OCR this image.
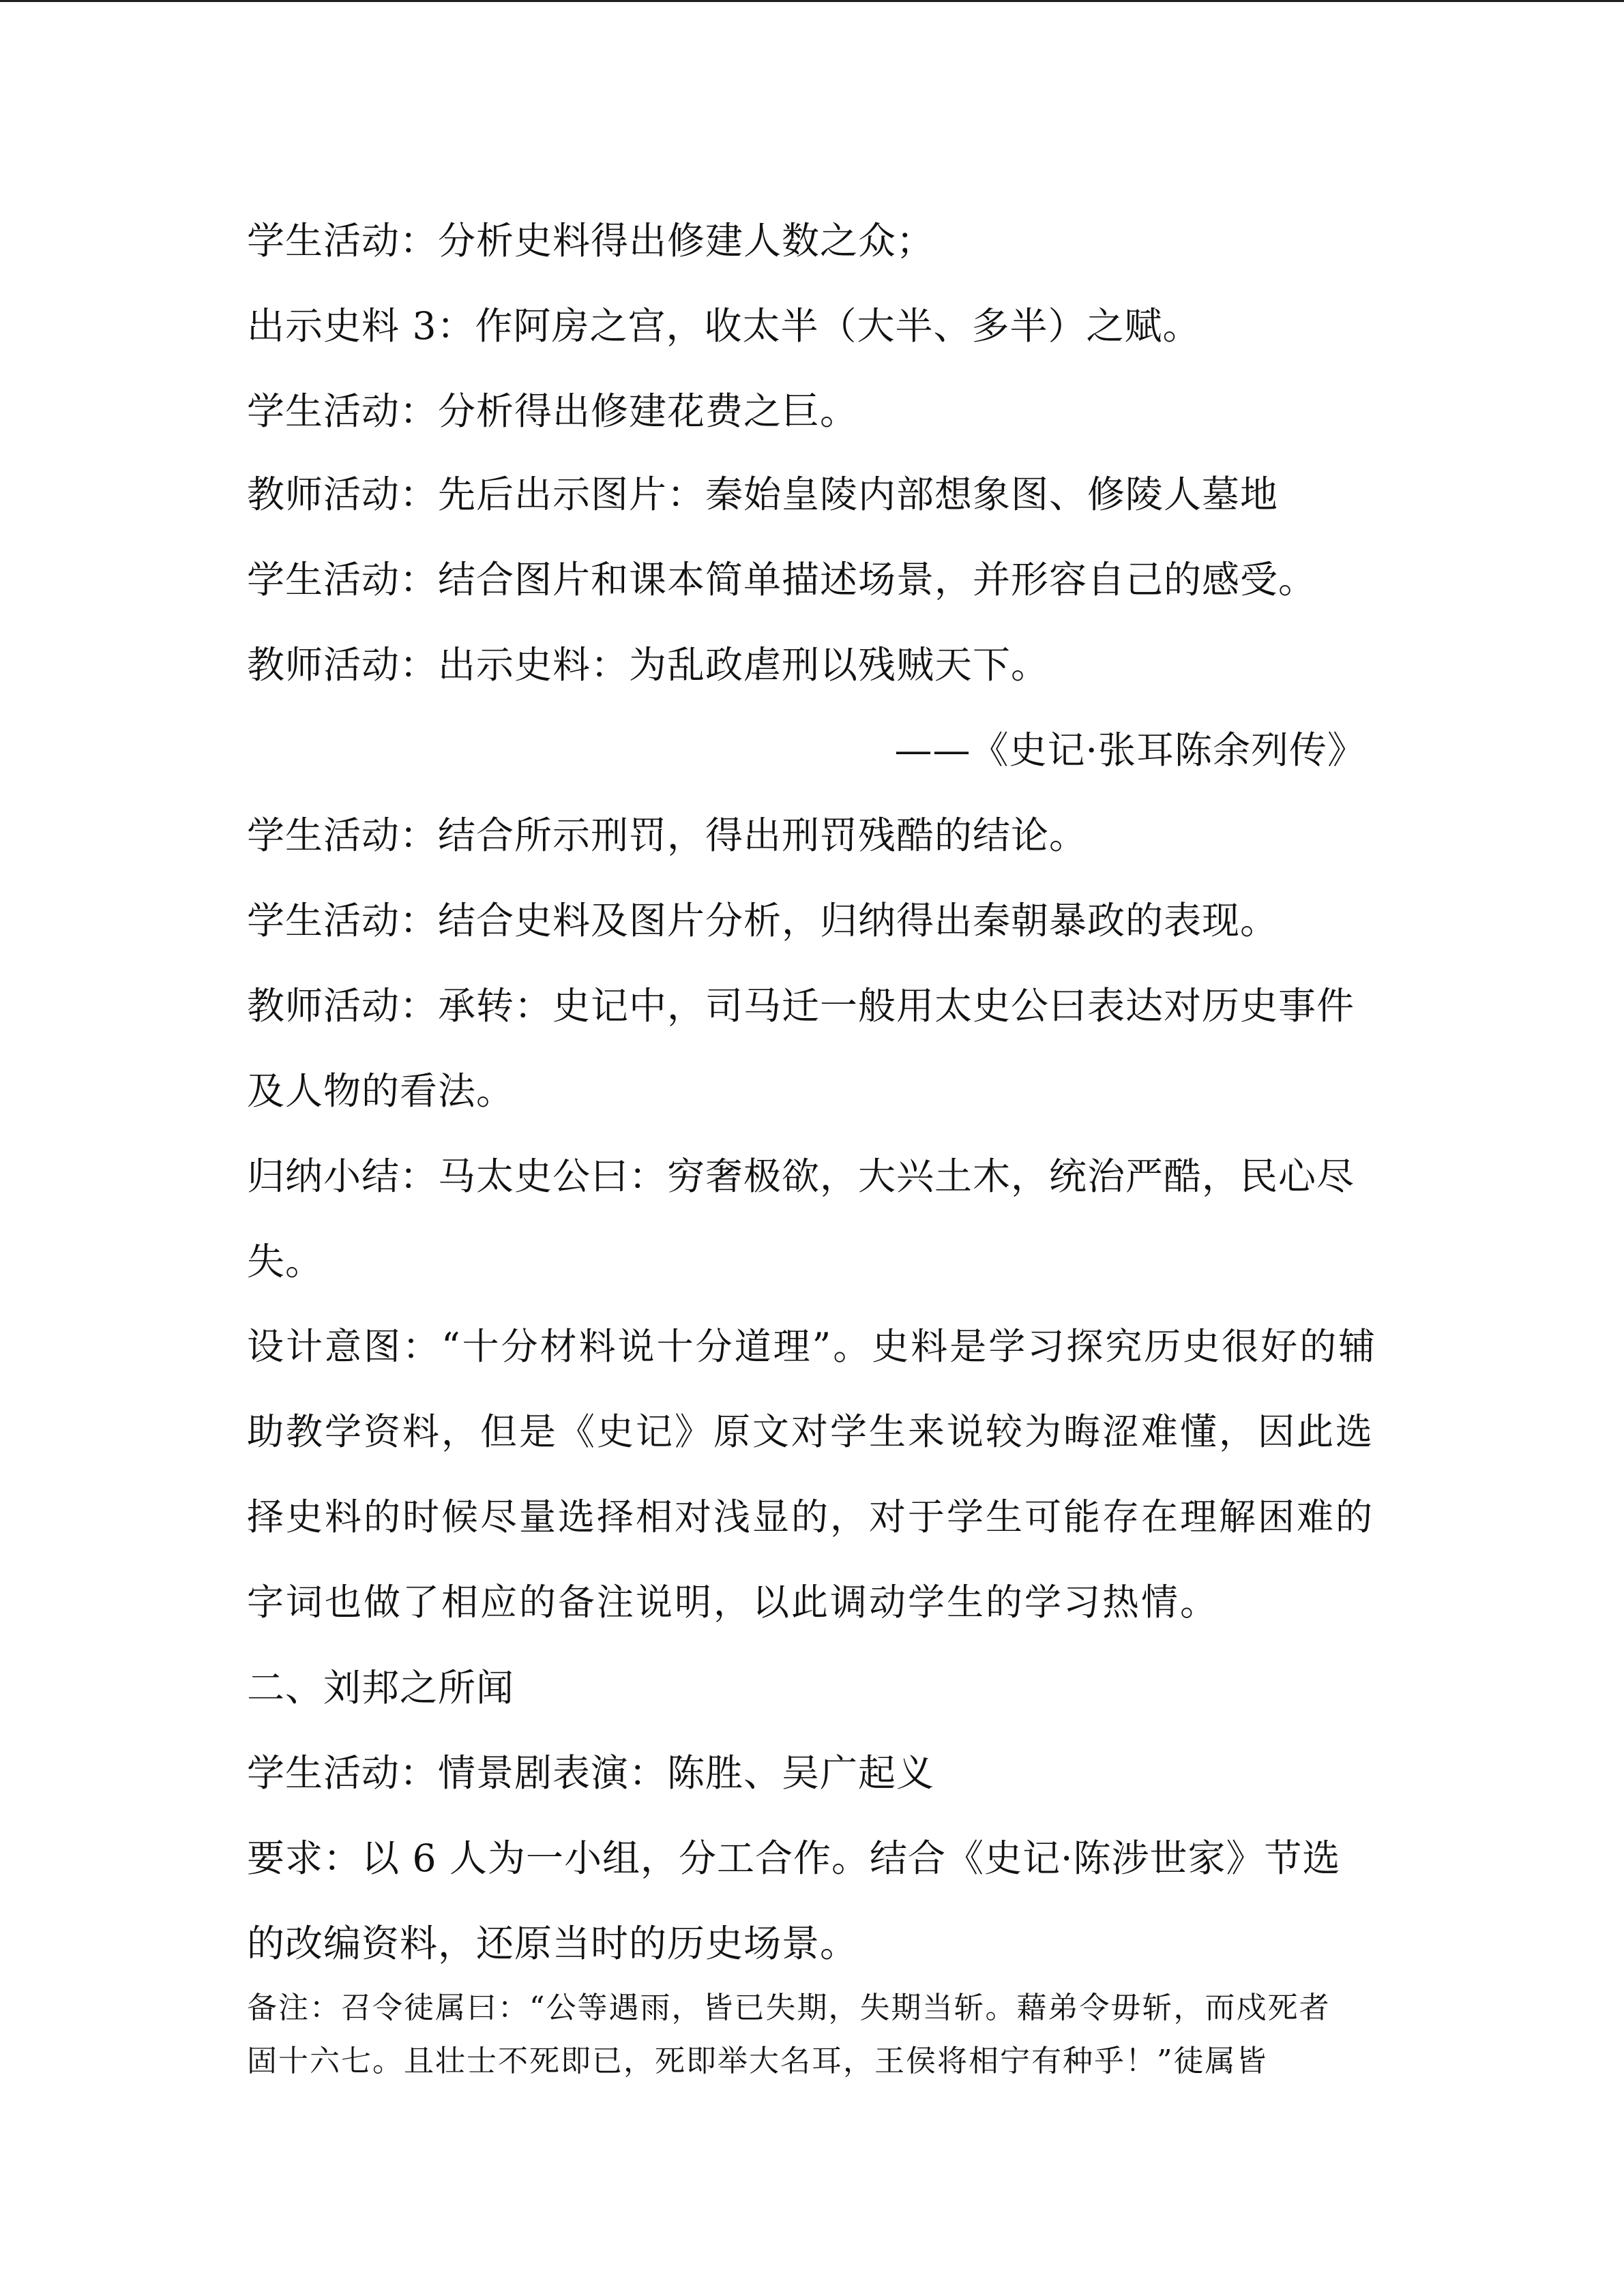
学生活动：分析史料得出修建人数之众；
出示史料 3：作阿房之宫，收太半（大半、多半）之赋。
学生活动：分析得出修建花费之巨。
教师活动：先后出示图片：秦始皇陵内部想象图、修陵人墓地
学生活动：结合图片和课本简单描述场景，并形容自己的感受。
教师活动：出示史料：为乱政虐刑以残贼天下。
——《史记·张耳陈余列传》
学生活动：结合所示刑罚，得出刑罚残酷的结论。
学生活动：结合史料及图片分析，归纳得出秦朝暴政的表现。
教师活动：承转：史记中，司马迁一般用太史公曰表达对历史事件
及人物的看法。
归纳小结：马太史公曰：穷奢极欲，大兴土木，统治严酷，民心尽
失。
设计意图：“十分材料说十分道理”。史料是学习探究历史很好的辅
助教学资料，但是《史记》原文对学生来说较为晦涩难懂，因此选
择史料的时候尽量选择相对浅显的，对于学生可能存在理解困难的
字词也做了相应的备注说明，以此调动学生的学习热情。
二、刘邦之所闻
学生活动：情景剧表演：陈胜、吴广起义
要求：以 6 人为一小组，分工合作。结合《史记·陈涉世家》节选
的改编资料，还原当时的历史场景。
备注：召令徒属曰：“公等遇雨，皆已失期，失期当斩。藉弟令毋斩，而戍死者
固十六七。且壮士不死即已，死即举大名耳，王侯将相宁有种乎！”徒属皆
